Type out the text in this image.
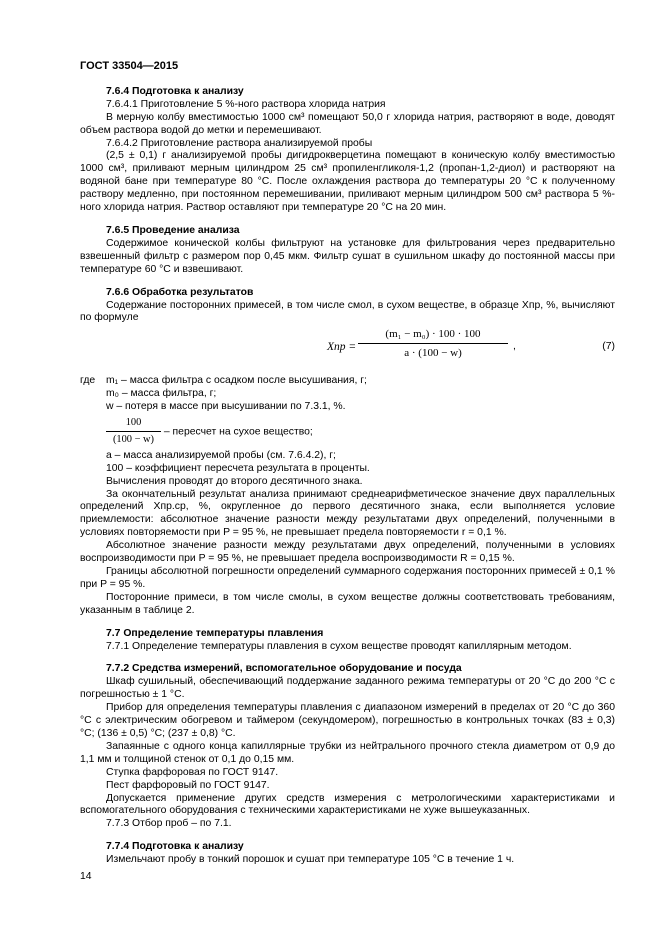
ГОСТ 33504—2015
7.6.4 Подготовка к анализу
7.6.4.1 Приготовление 5 %-ного раствора хлорида натрия
В мерную колбу вместимостью 1000 см³ помещают 50,0 г хлорида натрия, растворяют в воде, доводят объем раствора водой до метки и перемешивают.
7.6.4.2 Приготовление раствора анализируемой пробы
(2,5 ± 0,1) г анализируемой пробы дигидрокверцетина помещают в коническую колбу вместимостью 1000 см³, приливают мерным цилиндром 25 см³ пропиленгликоля-1,2 (пропан-1,2-диол) и растворяют на водяной бане при температуре 80 °С. После охлаждения раствора до температуры 20 °С к полученному раствору медленно, при постоянном перемешивании, приливают мерным цилиндром 500 см³ раствора 5 %-ного хлорида натрия. Раствор оставляют при температуре 20 °С на 20 мин.
7.6.5 Проведение анализа
Содержимое конической колбы фильтруют на установке для фильтрования через предварительно взвешенный фильтр с размером пор 0,45 мкм. Фильтр сушат в сушильном шкафу до постоянной массы при температуре 60 °С и взвешивают.
7.6.6 Обработка результатов
Содержание посторонних примесей, в том числе смол, в сухом веществе, в образце Xпр, %, вычисляют по формуле
Xпр = $\frac{\text{(m₁ − m₀) · 100 · 100}}{a \cdot (100 - w)}$ ,	(7)
где m₁ – масса фильтра с осадком после высушивания, г;
m₀ – масса фильтра, г;
w – потеря в массе при высушивании по 7.3.1, %.
$\frac{100}{(100 - w)}$ – пересчет на сухое вещество;
a – масса анализируемой пробы (см. 7.6.4.2), г;
100 – коэффициент пересчета результата в проценты.
Вычисления проводят до второго десятичного знака.
За окончательный результат анализа принимают среднеарифметическое значение двух параллельных определений Xпр.ср, %, округленное до первого десятичного знака, если выполняется условие приемлемости: абсолютное значение разности между результатами двух определений, полученными в условиях повторяемости при P = 95 %, не превышает предела повторяемости r = 0,1 %.
Абсолютное значение разности между результатами двух определений, полученными в условиях воспроизводимости при P = 95 %, не превышает предела воспроизводимости R = 0,15 %.
Границы абсолютной погрешности определений суммарного содержания посторонних примесей ± 0,1 % при P = 95 %.
Посторонние примеси, в том числе смолы, в сухом веществе должны соответствовать требованиям, указанным в таблице 2.
7.7 Определение температуры плавления
7.7.1 Определение температуры плавления в сухом веществе проводят капиллярным методом.
7.7.2 Средства измерений, вспомогательное оборудование и посуда
Шкаф сушильный, обеспечивающий поддержание заданного режима температуры от 20 °С до 200 °С с погрешностью ± 1 °С.
Прибор для определения температуры плавления с диапазоном измерений в пределах от 20 °С до 360 °С с электрическим обогревом и таймером (секундомером), погрешностью в контрольных точках (83 ± 0,3) °С; (136 ± 0,5) °С; (237 ± 0,8) °С.
Запаянные с одного конца капиллярные трубки из нейтрального прочного стекла диаметром от 0,9 до 1,1 мм и толщиной стенок от 0,1 до 0,15 мм.
Ступка фарфоровая по ГОСТ 9147.
Пест фарфоровый по ГОСТ 9147.
Допускается применение других средств измерения с метрологическими характеристиками и вспомогательного оборудования с техническими характеристиками не хуже вышеуказанных.
7.7.3 Отбор проб – по 7.1.
7.7.4 Подготовка к анализу
Измельчают пробу в тонкий порошок и сушат при температуре 105 °С в течение 1 ч.
14
